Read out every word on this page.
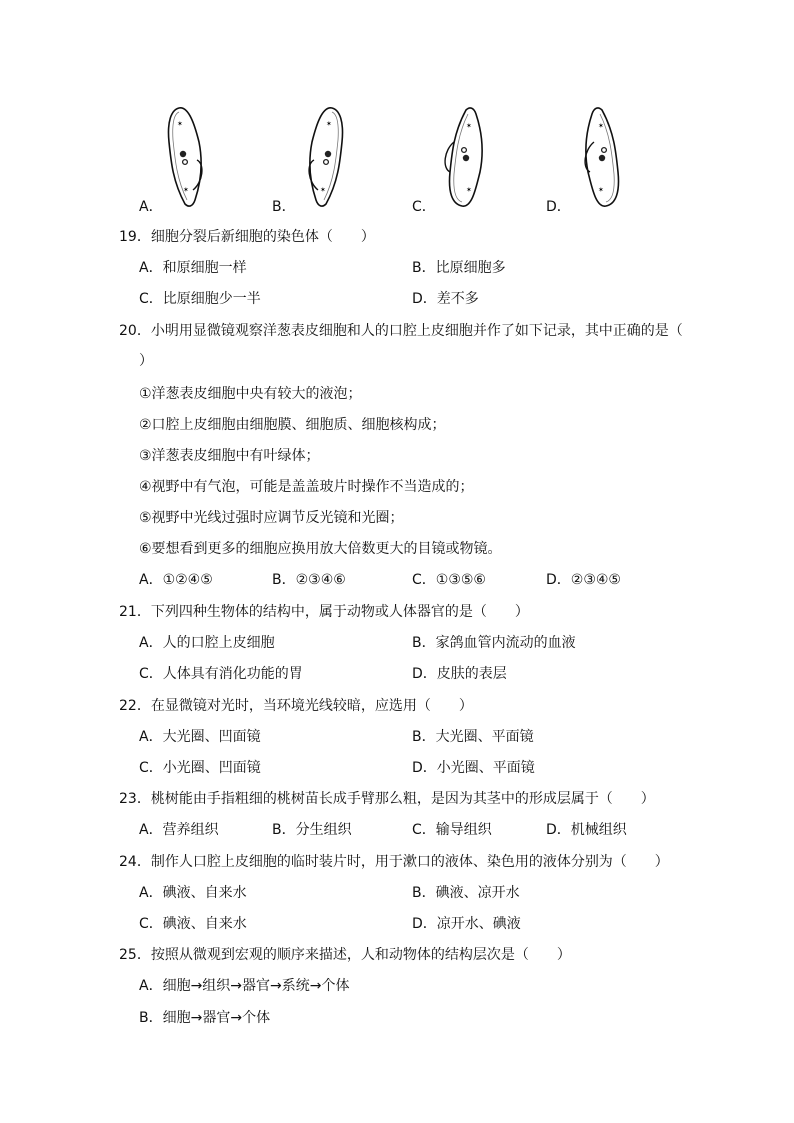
A．
✶
✶
B．
✶
✶
C．
✶
✶
D．
✶
✶
19．细胞分裂后新细胞的染色体（　　）
A．和原细胞一样	B．比原细胞多
C．比原细胞少一半	D．差不多
20．小明用显微镜观察洋葱表皮细胞和人的口腔上皮细胞并作了如下记录，其中正确的是（
）
①洋葱表皮细胞中央有较大的液泡；
②口腔上皮细胞由细胞膜、细胞质、细胞核构成；
③洋葱表皮细胞中有叶绿体；
④视野中有气泡，可能是盖盖玻片时操作不当造成的；
⑤视野中光线过强时应调节反光镜和光圈；
⑥要想看到更多的细胞应换用放大倍数更大的目镜或物镜。
A．①②④⑤	B．②③④⑥	C．①③⑤⑥	D．②③④⑤
21．下列四种生物体的结构中，属于动物或人体器官的是（　　）
A．人的口腔上皮细胞	B．家鸽血管内流动的血液
C．人体具有消化功能的胃	D．皮肤的表层
22．在显微镜对光时，当环境光线较暗，应选用（　　）
A．大光圈、凹面镜	B．大光圈、平面镜
C．小光圈、凹面镜	D．小光圈、平面镜
23．桃树能由手指粗细的桃树苗长成手臂那么粗，是因为其茎中的形成层属于（　　）
A．营养组织	B．分生组织	C．输导组织	D．机械组织
24．制作人口腔上皮细胞的临时装片时，用于漱口的液体、染色用的液体分别为（　　）
A．碘液、自来水	B．碘液、凉开水
C．碘液、自来水	D．凉开水、碘液
25．按照从微观到宏观的顺序来描述，人和动物体的结构层次是（　　）
A．细胞→组织→器官→系统→个体
B．细胞→器官→个体
